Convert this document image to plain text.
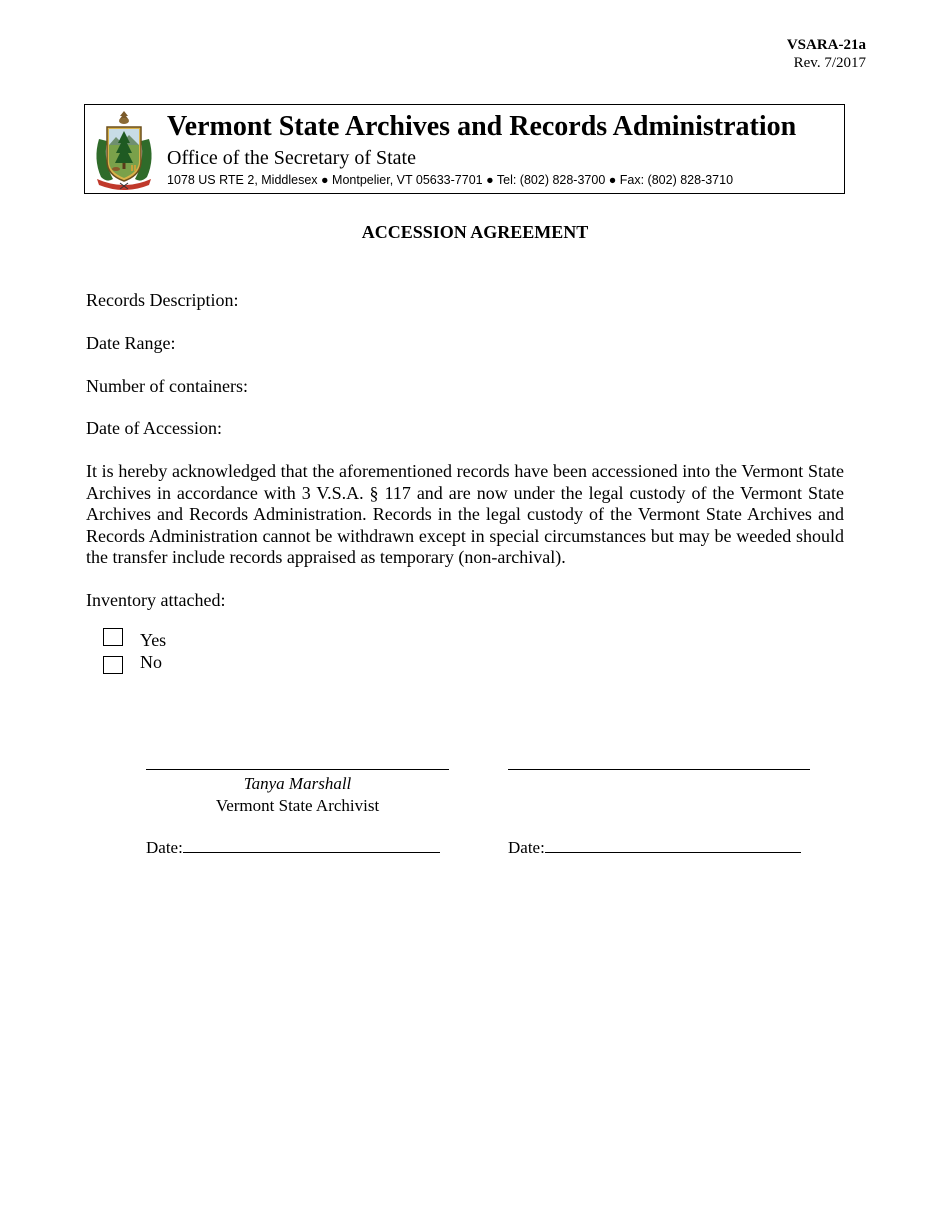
VSARA-21a
Rev. 7/2017
Vermont State Archives and Records Administration
Office of the Secretary of State
1078 US RTE 2, Middlesex ● Montpelier, VT 05633-7701 ● Tel: (802) 828-3700 ● Fax: (802) 828-3710
ACCESSION AGREEMENT
Records Description:
Date Range:
Number of containers:
Date of Accession:
It is hereby acknowledged that the aforementioned records have been accessioned into the Vermont State Archives in accordance with 3 V.S.A. § 117 and are now under the legal custody of the Vermont State Archives and Records Administration. Records in the legal custody of the Vermont State Archives and Records Administration cannot be withdrawn except in special circumstances but may be weeded should the transfer include records appraised as temporary (non-archival).
Inventory attached:
Yes
No
Tanya Marshall
Vermont State Archivist
Date:	Date:
